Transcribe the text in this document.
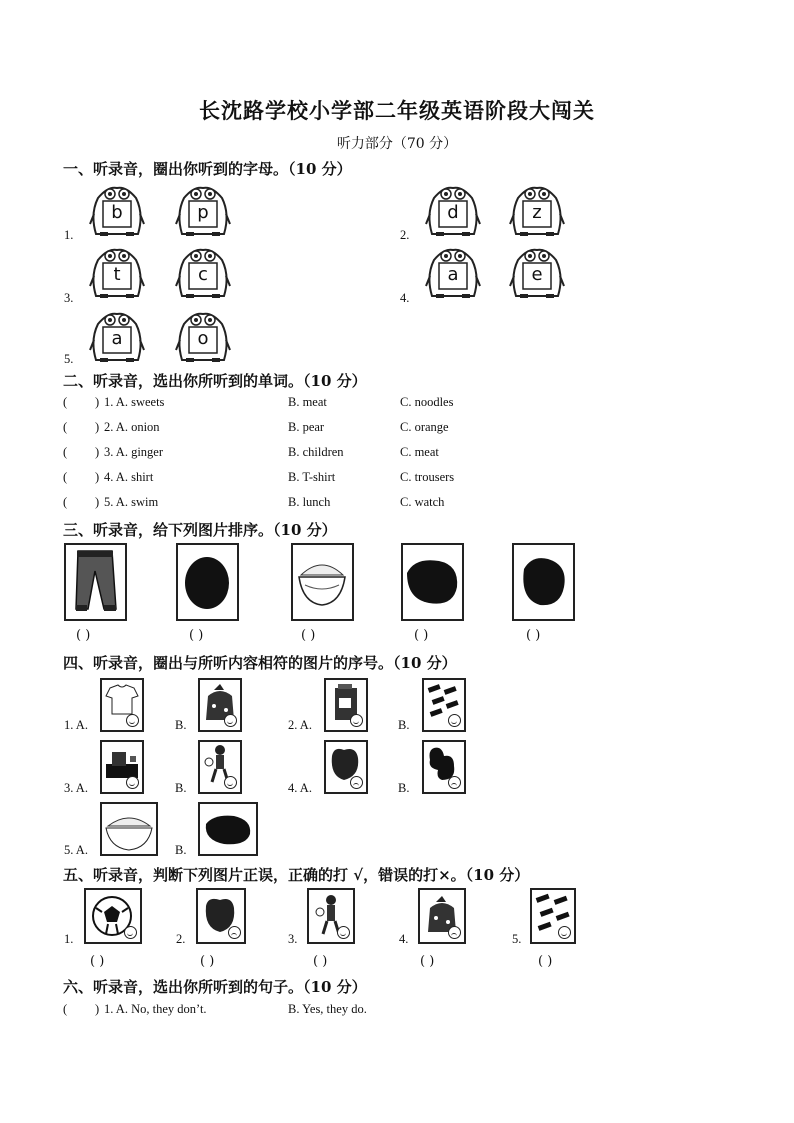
长沈路学校小学部二年级英语阶段大闯关
听力部分（70 分）
一、听录音，圈出你听到的字母。（10 分）
1.
b	p
2.
d	z
3.
t	c
4.
a	e
5.
a	o
二、听录音，选出你所听到的单词。（10 分）
( ) 1. A. sweets	B. meat	C. noodles
( ) 2. A. onion	B. pear	C. orange
( ) 3. A. ginger	B. children	C. meat
( ) 4. A. shirt	B. T-shirt	C. trousers
( ) 5. A. swim	B. lunch	C. watch
三、听录音，给下列图片排序。（10 分）
( )	( )	( )	( )	( )
四、听录音，圈出与所听内容相符的图片的序号。（10 分）
1. A.	B.	2. A.	B.
3. A.	B.	4. A.	B.
5. A.	B.
五、听录音，判断下列图片正误，正确的打 √，错误的打×。（10 分）
1.	2.	3.	4.	5.
( )	( )	( )	( )	( )
六、听录音，选出你所听到的句子。（10 分）
( ) 1. A. No, they don’t.	B. Yes, they do.
